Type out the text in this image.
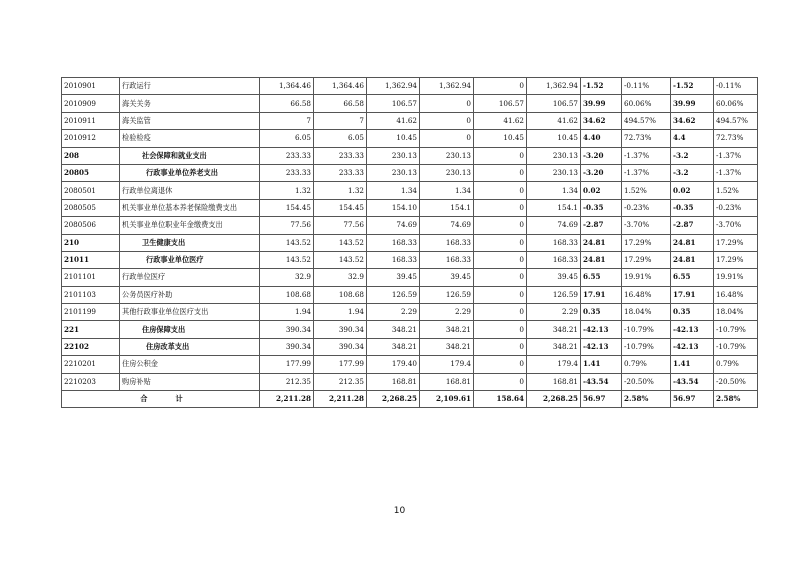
2010901	行政运行	1,364.46	1,364.46	1,362.94	1,362.94	0	1,362.94	-1.52	-0.11%	-1.52	-0.11%
2010909	海关关务	66.58	66.58	106.57	0	106.57	106.57	39.99	60.06%	39.99	60.06%
2010911	海关监管	7	7	41.62	0	41.62	41.62	34.62	494.57%	34.62	494.57%
2010912	检验检疫	6.05	6.05	10.45	0	10.45	10.45	4.40	72.73%	4.4	72.73%
208	社会保障和就业支出	233.33	233.33	230.13	230.13	0	230.13	-3.20	-1.37%	-3.2	-1.37%
20805	行政事业单位养老支出	233.33	233.33	230.13	230.13	0	230.13	-3.20	-1.37%	-3.2	-1.37%
2080501	行政单位离退休	1.32	1.32	1.34	1.34	0	1.34	0.02	1.52%	0.02	1.52%
2080505	机关事业单位基本养老保险缴费支出	154.45	154.45	154.10	154.1	0	154.1	-0.35	-0.23%	-0.35	-0.23%
2080506	机关事业单位职业年金缴费支出	77.56	77.56	74.69	74.69	0	74.69	-2.87	-3.70%	-2.87	-3.70%
210	卫生健康支出	143.52	143.52	168.33	168.33	0	168.33	24.81	17.29%	24.81	17.29%
21011	行政事业单位医疗	143.52	143.52	168.33	168.33	0	168.33	24.81	17.29%	24.81	17.29%
2101101	行政单位医疗	32.9	32.9	39.45	39.45	0	39.45	6.55	19.91%	6.55	19.91%
2101103	公务员医疗补助	108.68	108.68	126.59	126.59	0	126.59	17.91	16.48%	17.91	16.48%
2101199	其他行政事业单位医疗支出	1.94	1.94	2.29	2.29	0	2.29	0.35	18.04%	0.35	18.04%
221	住房保障支出	390.34	390.34	348.21	348.21	0	348.21	-42.13	-10.79%	-42.13	-10.79%
22102	住房改革支出	390.34	390.34	348.21	348.21	0	348.21	-42.13	-10.79%	-42.13	-10.79%
2210201	住房公积金	177.99	177.99	179.40	179.4	0	179.4	1.41	0.79%	1.41	0.79%
2210203	购房补贴	212.35	212.35	168.81	168.81	0	168.81	-43.54	-20.50%	-43.54	-20.50%
合计		2,211.28	2,211.28	2,268.25	2,109.61	158.64	2,268.25	56.97	2.58%	56.97	2.58%
10
